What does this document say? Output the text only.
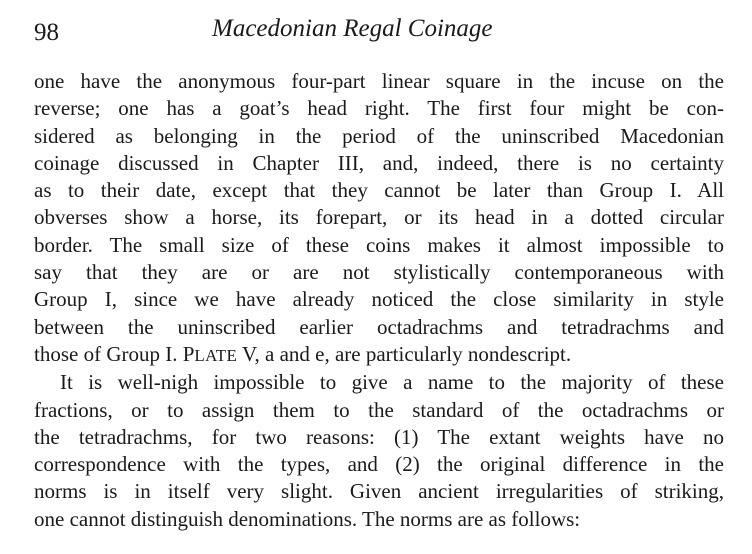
98	Macedonian Regal Coinage
one have the anonymous four-part linear square in the incuse on the
reverse; one has a goat’s head right. The first four might be con-
sidered as belonging in the period of the uninscribed Macedonian
coinage discussed in Chapter III, and, indeed, there is no certainty
as to their date, except that they cannot be later than Group I. All
obverses show a horse, its forepart, or its head in a dotted circular
border. The small size of these coins makes it almost impossible to
say that they are or are not stylistically contemporaneous with
Group I, since we have already noticed the close similarity in style
between the uninscribed earlier octadrachms and tetradrachms and
those of Group I. PLATE V, a and e, are particularly nondescript.
It is well-nigh impossible to give a name to the majority of these
fractions, or to assign them to the standard of the octadrachms or
the tetradrachms, for two reasons: (1) The extant weights have no
correspondence with the types, and (2) the original difference in the
norms is in itself very slight. Given ancient irregularities of striking,
one cannot distinguish denominations. The norms are as follows:
